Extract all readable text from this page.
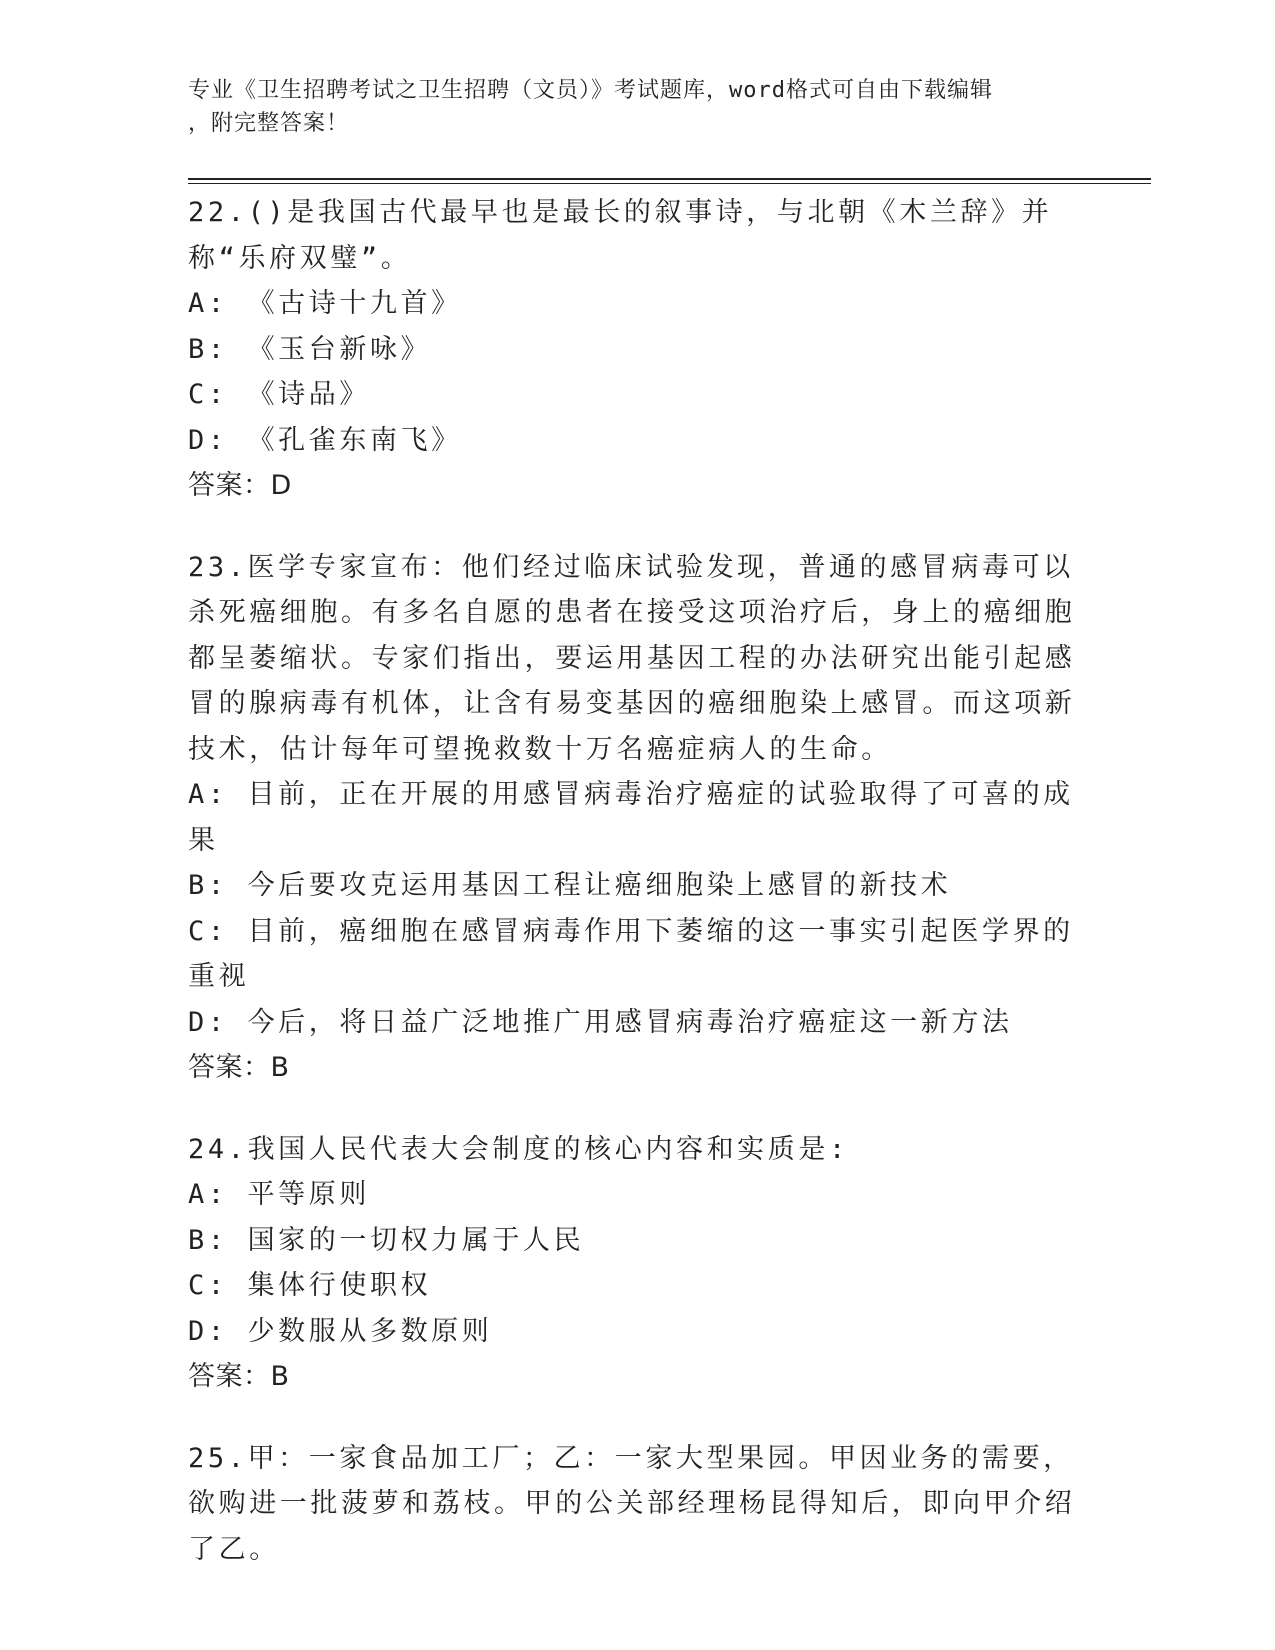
专业《卫生招聘考试之卫生招聘（文员）》考试题库，word格式可自由下载编辑
，附完整答案！

22.()是我国古代最早也是最长的叙事诗，与北朝《木兰辞》并称“乐府双璧”。

A: 《古诗十九首》

B: 《玉台新咏》

C: 《诗品》

D: 《孔雀东南飞》

答案：D

23.医学专家宣布：他们经过临床试验发现，普通的感冒病毒可以杀死癌细胞。有多名自愿的患者在接受这项治疗后，身上的癌细胞都呈萎缩状。专家们指出，要运用基因工程的办法研究出能引起感冒的腺病毒有机体，让含有易变基因的癌细胞染上感冒。而这项新技术，估计每年可望挽救数十万名癌症病人的生命。

A: 目前，正在开展的用感冒病毒治疗癌症的试验取得了可喜的成果

B: 今后要攻克运用基因工程让癌细胞染上感冒的新技术

C: 目前，癌细胞在感冒病毒作用下萎缩的这一事实引起医学界的重视

D: 今后，将日益广泛地推广用感冒病毒治疗癌症这一新方法

答案：B

24.我国人民代表大会制度的核心内容和实质是:

A: 平等原则

B: 国家的一切权力属于人民

C: 集体行使职权

D: 少数服从多数原则

答案：B

25.甲：一家食品加工厂；乙：一家大型果园。甲因业务的需要，欲购进一批菠萝和荔枝。甲的公关部经理杨昆得知后，即向甲介绍了乙。
